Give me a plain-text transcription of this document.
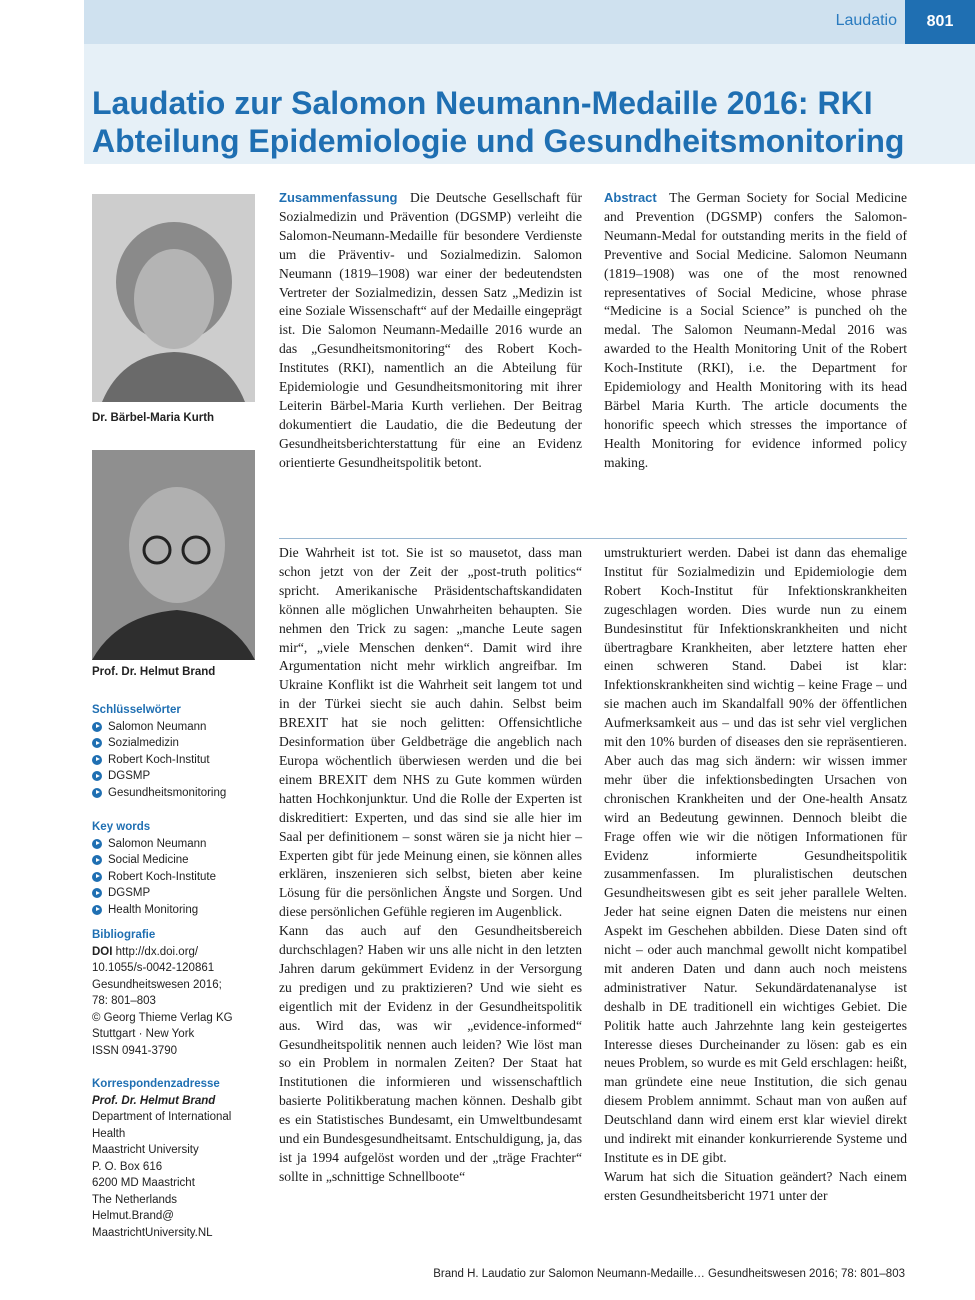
Laudatio	801
Laudatio zur Salomon Neumann-Medaille 2016: RKI
Abteilung Epidemiologie und Gesundheitsmonitoring
Dr. Bärbel-Maria Kurth
Prof. Dr. Helmut Brand
Schlüsselwörter
Salomon Neumann
Sozialmedizin
Robert Koch-Institut
DGSMP
Gesundheitsmonitoring
Key words
Salomon Neumann
Social Medicine
Robert Koch-Institute
DGSMP
Health Monitoring
Bibliografie

DOI http://dx.doi.org/

10.1055/s-0042-120861

Gesundheitswesen 2016;

78: 801–803

© Georg Thieme Verlag KG

Stuttgart · New York

ISSN 0941-3790

Korrespondenzadresse

Prof. Dr. Helmut Brand

Department of International

Health

Maastricht University

P. O. Box 616

6200 MD Maastricht

The Netherlands

Helmut.Brand@

MaastrichtUniversity.NL

Zusammenfassung Die Deutsche Gesellschaft für Sozialmedizin und Prävention (DGSMP) verleiht die Salomon-Neumann-Medaille für besondere Verdienste um die Präventiv- und Sozialmedizin. Salomon Neumann (1819–1908) war einer der bedeutendsten Vertreter der Sozialmedizin, dessen Satz „Medizin ist eine Soziale Wissenschaft“ auf der Medaille eingeprägt ist. Die Salomon Neumann-Medaille 2016 wurde an das „Gesundheitsmonitoring“ des Robert Koch-Institutes (RKI), namentlich an die Abteilung für Epidemiologie und Gesundheitsmonitoring mit ihrer Leiterin Bärbel-Maria Kurth verliehen. Der Beitrag dokumentiert die Laudatio, die die Bedeutung der Gesundheitsberichterstattung für eine an Evidenz orientierte Gesundheitspolitik betont.

Abstract The German Society for Social Medicine and Prevention (DGSMP) confers the Salomon-Neumann-Medal for outstanding merits in the field of Preventive and Social Medicine. Salomon Neumann (1819–1908) was one of the most renowned representatives of Social Medicine, whose phrase “Medicine is a Social Science” is punched oh the medal. The Salomon Neumann-Medal 2016 was awarded to the Health Monitoring Unit of the Robert Koch-Institute (RKI), i.e. the Department for Epidemiology and Health Monitoring with its head Bärbel Maria Kurth. The article documents the honorific speech which stresses the importance of Health Monitoring for evidence informed policy making.

Die Wahrheit ist tot. Sie ist so mausetot, dass man schon jetzt von der Zeit der „post-truth politics“ spricht. Amerikanische Präsidentschaftskandidaten können alle möglichen Unwahrheiten behaupten. Sie nehmen den Trick zu sagen: „manche Leute sagen mir“, „viele Menschen denken“. Damit wird ihre Argumentation nicht mehr wirklich angreifbar. Im Ukraine Konflikt ist die Wahrheit seit langem tot und in der Türkei siecht sie auch dahin. Selbst beim BREXIT hat sie noch gelitten: Offensichtliche Desinformation über Geldbeträge die angeblich nach Europa wöchentlich überwiesen werden und die bei einem BREXIT dem NHS zu Gute kommen würden hatten Hochkonjunktur. Und die Rolle der Experten ist diskreditiert: Experten, und das sind sie alle hier im Saal per definitionem – sonst wären sie ja nicht hier – Experten gibt für jede Meinung einen, sie können alles erklären, inszenieren sich selbst, bieten aber keine Lösung für die persönlichen Ängste und Sorgen. Und diese persönlichen Gefühle regieren im Augenblick.

Kann das auch auf den Gesundheitsbereich durchschlagen? Haben wir uns alle nicht in den letzten Jahren darum gekümmert Evidenz in der Versorgung zu predigen und zu praktizieren? Und wie sieht es eigentlich mit der Evidenz in der Gesundheitspolitik aus. Wird das, was wir „evidence-informed“ Gesundheitspolitik nennen auch leiden? Wie löst man so ein Problem in normalen Zeiten? Der Staat hat Institutionen die informieren und wissenschaftlich basierte Politikberatung machen können. Deshalb gibt es ein Statistisches Bundesamt, ein Umweltbundesamt und ein Bundesgesundheitsamt. Entschuldigung, ja, das ist ja 1994 aufgelöst worden und der „träge Frachter“ sollte in „schnittige Schnellboote“

umstrukturiert werden. Dabei ist dann das ehemalige Institut für Sozialmedizin und Epidemiologie dem Robert Koch-Institut für Infektionskrankheiten zugeschlagen worden. Dies wurde nun zu einem Bundesinstitut für Infektionskrankheiten und nicht übertragbare Krankheiten, aber letztere hatten eher einen schweren Stand. Dabei ist klar: Infektionskrankheiten sind wichtig – keine Frage – und sie machen auch im Skandalfall 90% der öffentlichen Aufmerksamkeit aus – und das ist sehr viel verglichen mit den 10% burden of diseases den sie repräsentieren. Aber auch das mag sich ändern: wir wissen immer mehr über die infektionsbedingten Ursachen von chronischen Krankheiten und der One-health Ansatz wird an Bedeutung gewinnen. Dennoch bleibt die Frage offen wie wir die nötigen Informationen für Evidenz informierte Gesundheitspolitik zusammenfassen. Im pluralistischen deutschen Gesundheitswesen gibt es seit jeher parallele Welten. Jeder hat seine eignen Daten die meistens nur einen Aspekt im Geschehen abbilden. Diese Daten sind oft nicht – oder auch manchmal gewollt nicht kompatibel mit anderen Daten und dann auch noch meistens administrativer Natur. Sekundärdatenanalyse ist deshalb in DE traditionell ein wichtiges Gebiet. Die Politik hatte auch Jahrzehnte lang kein gesteigertes Interesse dieses Durcheinander zu lösen: gab es ein neues Problem, so wurde es mit Geld erschlagen: heißt, man gründete eine neue Institution, die sich genau diesem Problem annimmt. Schaut man von außen auf Deutschland dann wird einem erst klar wieviel direkt und indirekt mit einander konkurrierende Systeme und Institute es in DE gibt.

Warum hat sich die Situation geändert? Nach einem ersten Gesundheitsbericht 1971 unter der

Brand H. Laudatio zur Salomon Neumann-Medaille… Gesundheitswesen 2016; 78: 801–803
